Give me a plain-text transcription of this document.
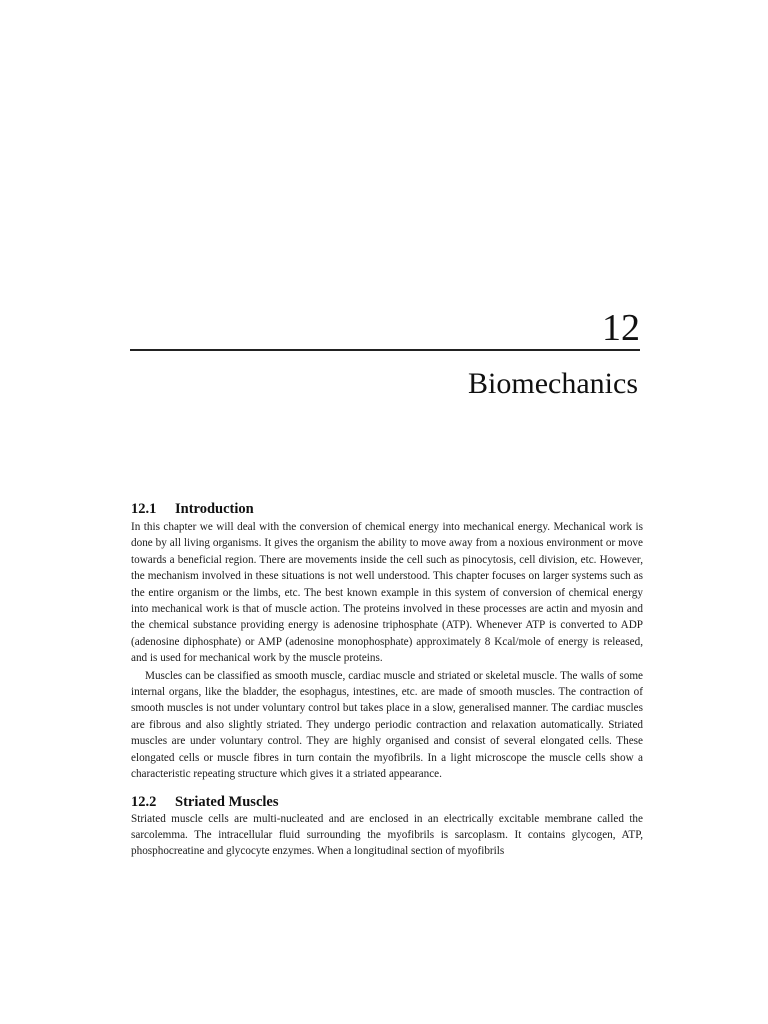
12
Biomechanics
12.1 Introduction

In this chapter we will deal with the conversion of chemical energy into mechanical energy. Mechanical work is done by all living organisms. It gives the organism the ability to move away from a noxious environment or move towards a beneficial region. There are movements inside the cell such as pinocytosis, cell division, etc. However, the mechanism involved in these situations is not well understood. This chapter focuses on larger systems such as the entire organism or the limbs, etc. The best known example in this system of conversion of chemical energy into mechanical work is that of muscle action. The proteins involved in these processes are actin and myosin and the chemical substance providing energy is adenosine triphosphate (ATP). Whenever ATP is converted to ADP (adenosine diphosphate) or AMP (adenosine monophosphate) approximately 8 Kcal/mole of energy is released, and is used for mechanical work by the muscle proteins.

Muscles can be classified as smooth muscle, cardiac muscle and striated or skeletal muscle. The walls of some internal organs, like the bladder, the esophagus, intestines, etc. are made of smooth muscles. The contraction of smooth muscles is not under voluntary control but takes place in a slow, generalised manner. The cardiac muscles are fibrous and also slightly striated. They undergo periodic contraction and relaxation automatically. Striated muscles are under voluntary control. They are highly organised and consist of several elongated cells. These elongated cells or muscle fibres in turn contain the myofibrils. In a light microscope the muscle cells show a characteristic repeating structure which gives it a striated appearance.

12.2 Striated Muscles

Striated muscle cells are multi-nucleated and are enclosed in an electrically excitable membrane called the sarcolemma. The intracellular fluid surrounding the myofibrils is sarcoplasm. It contains glycogen, ATP, phosphocreatine and glycocyte enzymes. When a longitudinal section of myofibrils
